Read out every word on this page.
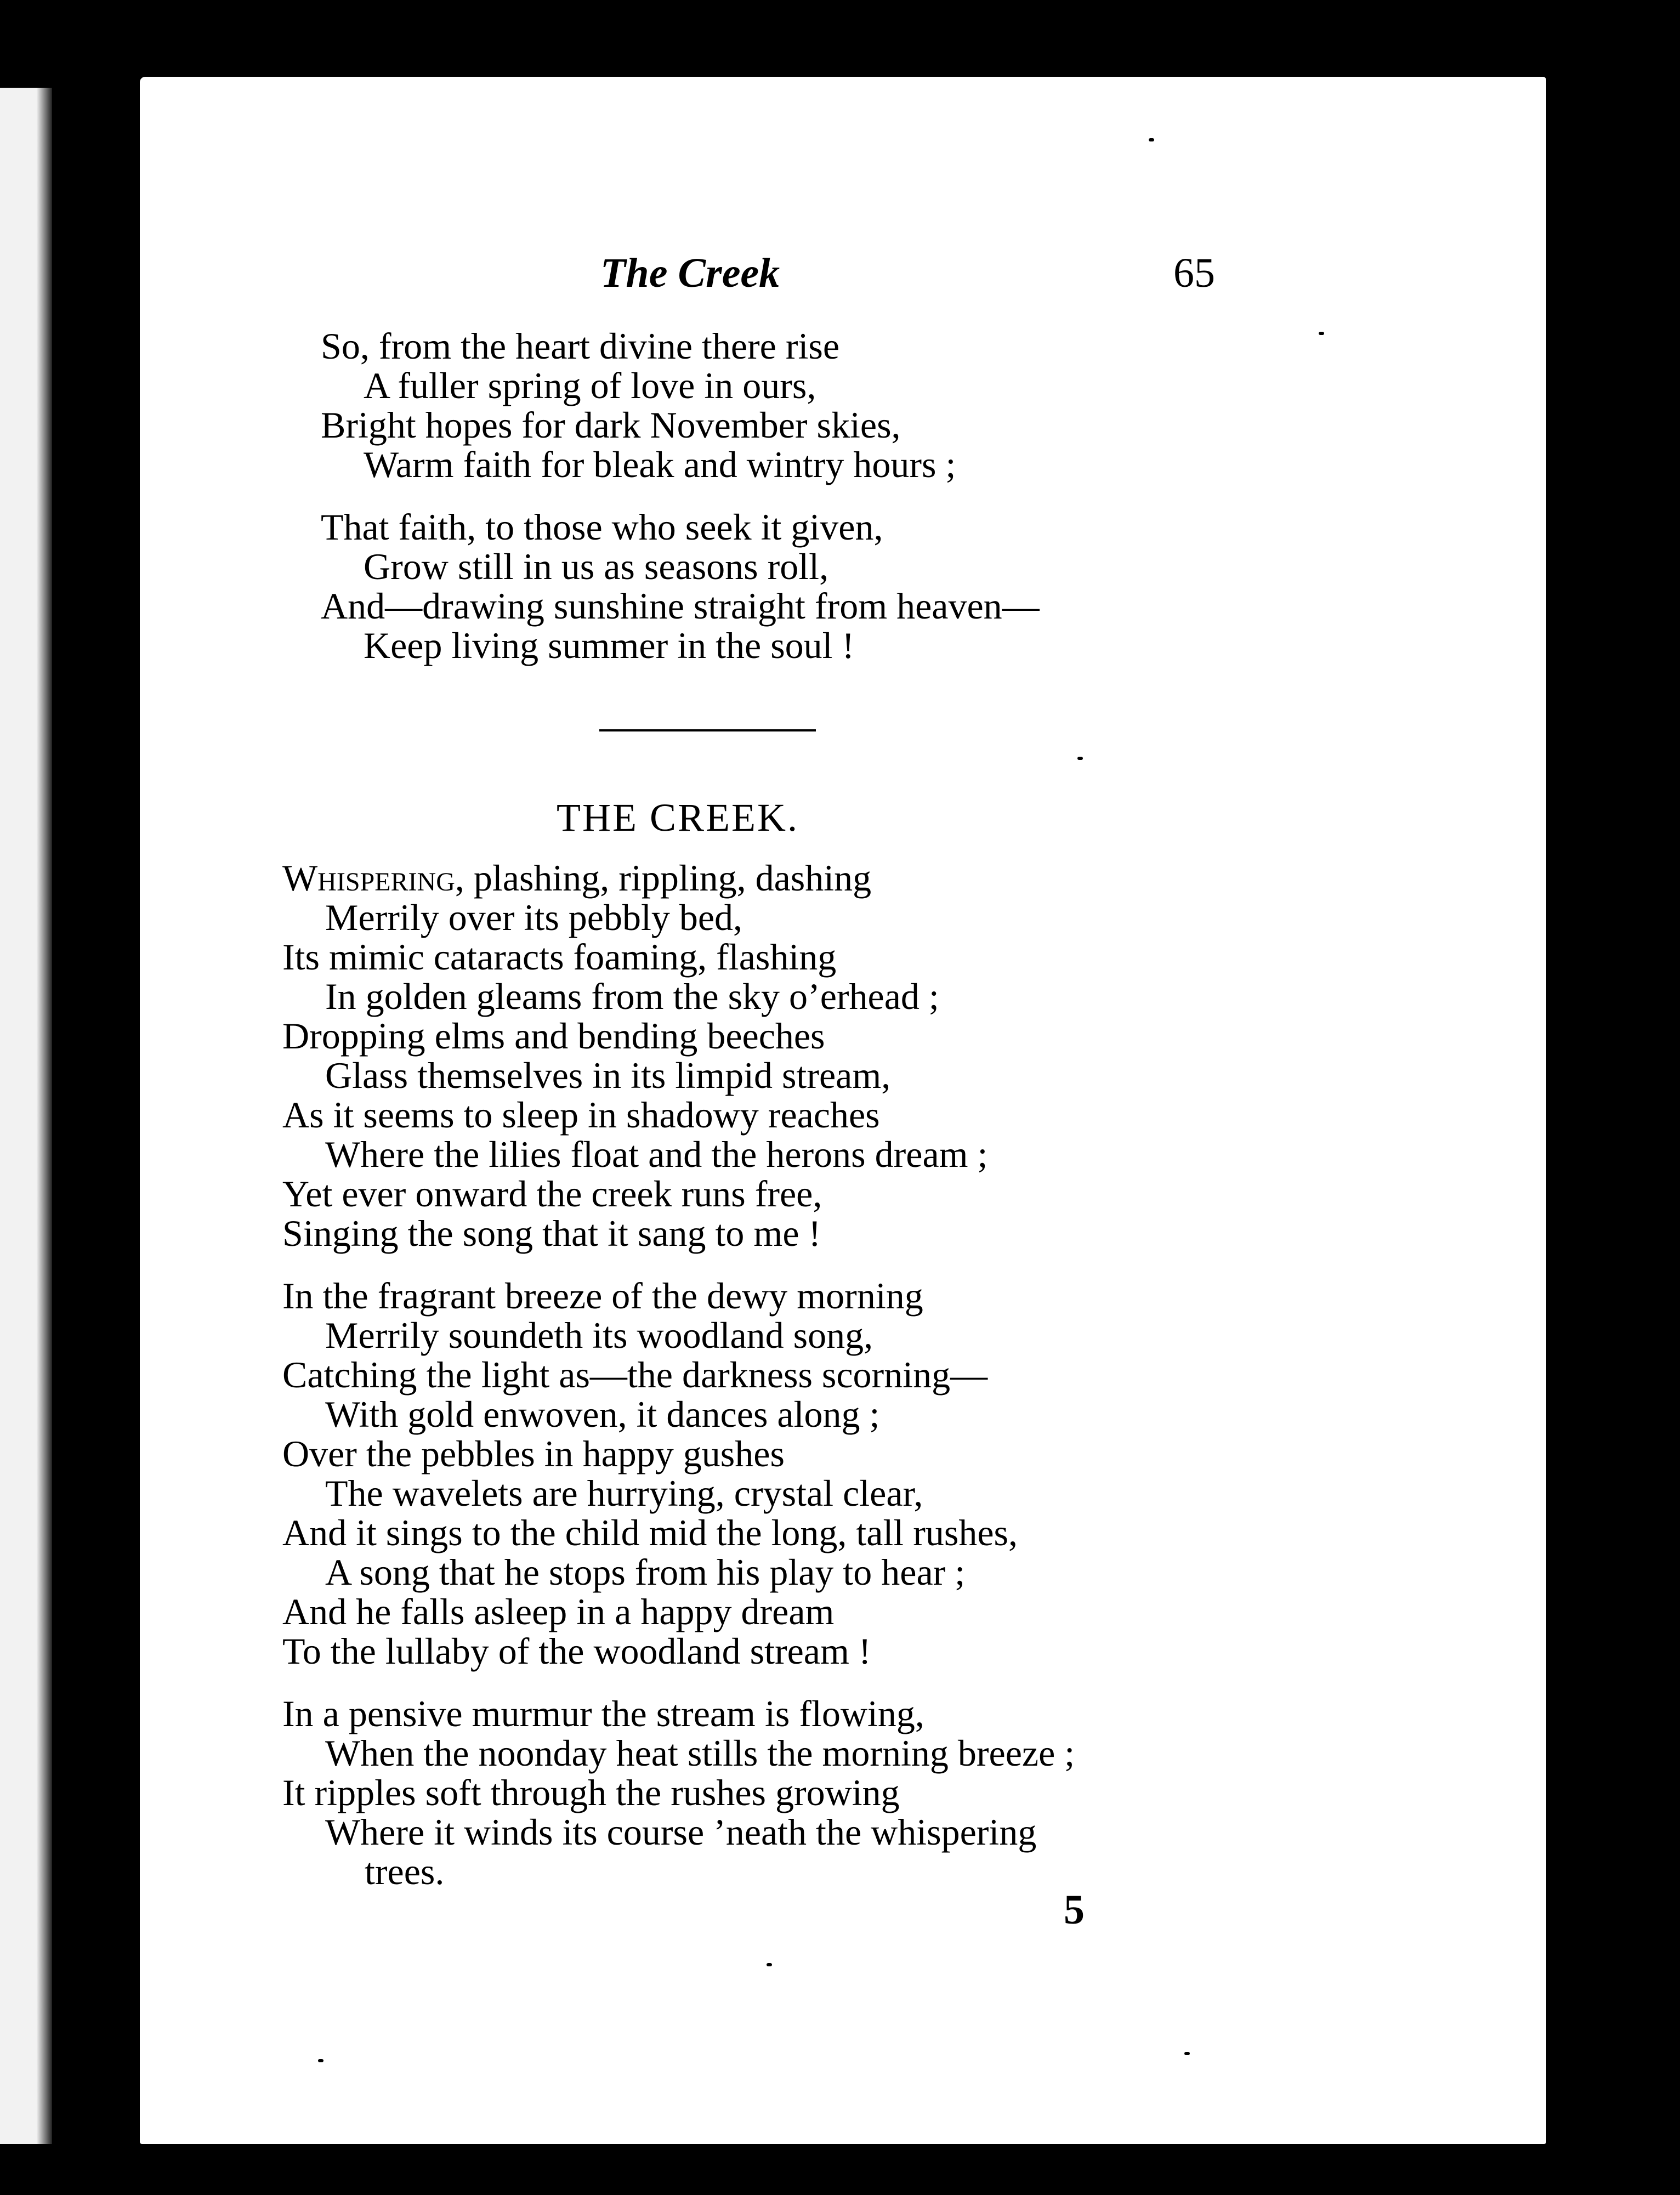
The Creek	65
So, from the heart divine there rise
A fuller spring of love in ours,
Bright hopes for dark November skies,
Warm faith for bleak and wintry hours ;
That faith, to those who seek it given,
Grow still in us as seasons roll,
And—drawing sunshine straight from heaven—
Keep living summer in the soul !
THE CREEK.
Whispering, plashing, rippling, dashing
Merrily over its pebbly bed,
Its mimic cataracts foaming, flashing
In golden gleams from the sky o’erhead ;
Dropping elms and bending beeches
Glass themselves in its limpid stream,
As it seems to sleep in shadowy reaches
Where the lilies float and the herons dream ;
Yet ever onward the creek runs free,
Singing the song that it sang to me !
In the fragrant breeze of the dewy morning
Merrily soundeth its woodland song,
Catching the light as—the darkness scorning—
With gold enwoven, it dances along ;
Over the pebbles in happy gushes
The wavelets are hurrying, crystal clear,
And it sings to the child mid the long, tall rushes,
A song that he stops from his play to hear ;
And he falls asleep in a happy dream
To the lullaby of the woodland stream !
In a pensive murmur the stream is flowing,
When the noonday heat stills the morning breeze ;
It ripples soft through the rushes growing
Where it winds its course ’neath the whispering
trees.
5
